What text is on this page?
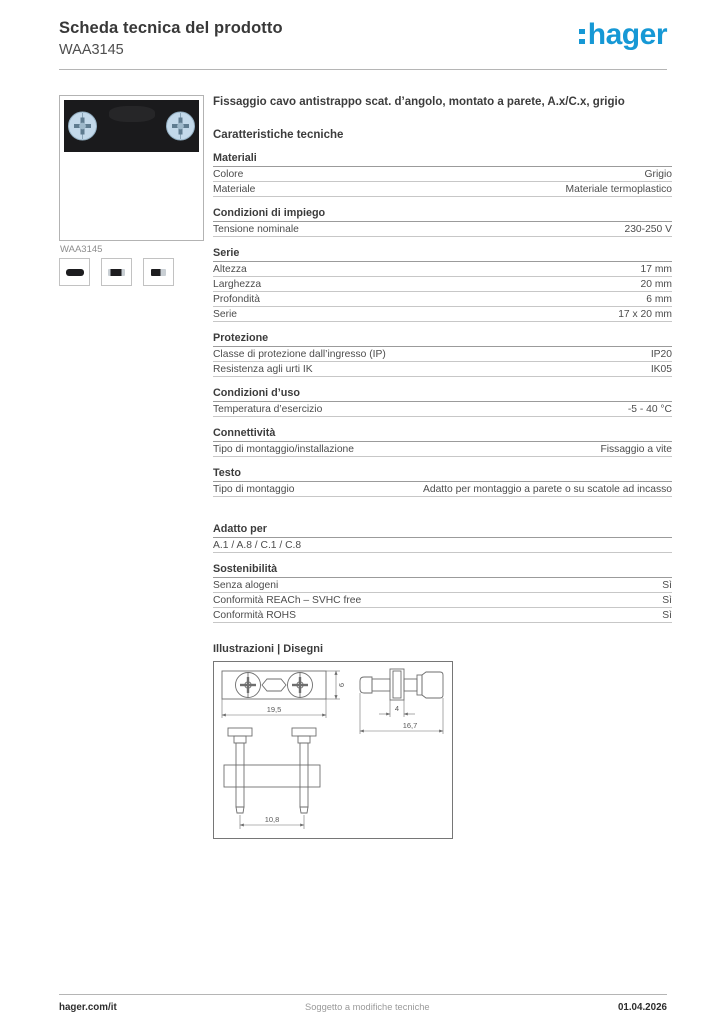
Scheda tecnica del prodotto
WAA3145	hager
WAA3145
Fissaggio cavo antistrappo scat. d’angolo, montato a parete, A.x/C.x, grigio
Caratteristiche tecniche
Materiali
Colore	Grigio
Materiale	Materiale termoplastico
Condizioni di impiego
Tensione nominale	230-250 V
Serie
Altezza	17 mm
Larghezza	20 mm
Profondità	6 mm
Serie	17 x 20 mm
Protezione
Classe di protezione dall’ingresso (IP)	IP20
Resistenza agli urti IK	IK05
Condizioni d’uso
Temperatura d’esercizio	-5 - 40 °C
Connettività
Tipo di montaggio/installazione	Fissaggio a vite
Testo
Tipo di montaggio	Adatto per montaggio a parete o su scatole ad incasso
Adatto per
A.1 / A.8 / C.1 / C.8
Sostenibilità
Senza alogeni	Sì
Conformità REACh – SVHC free	Sì
Conformità ROHS	Sì
Illustrazioni | Disegni
19,5
6
4
16,7
10,8
hager.com/it	Soggetto a modifiche tecniche	01.04.2026
